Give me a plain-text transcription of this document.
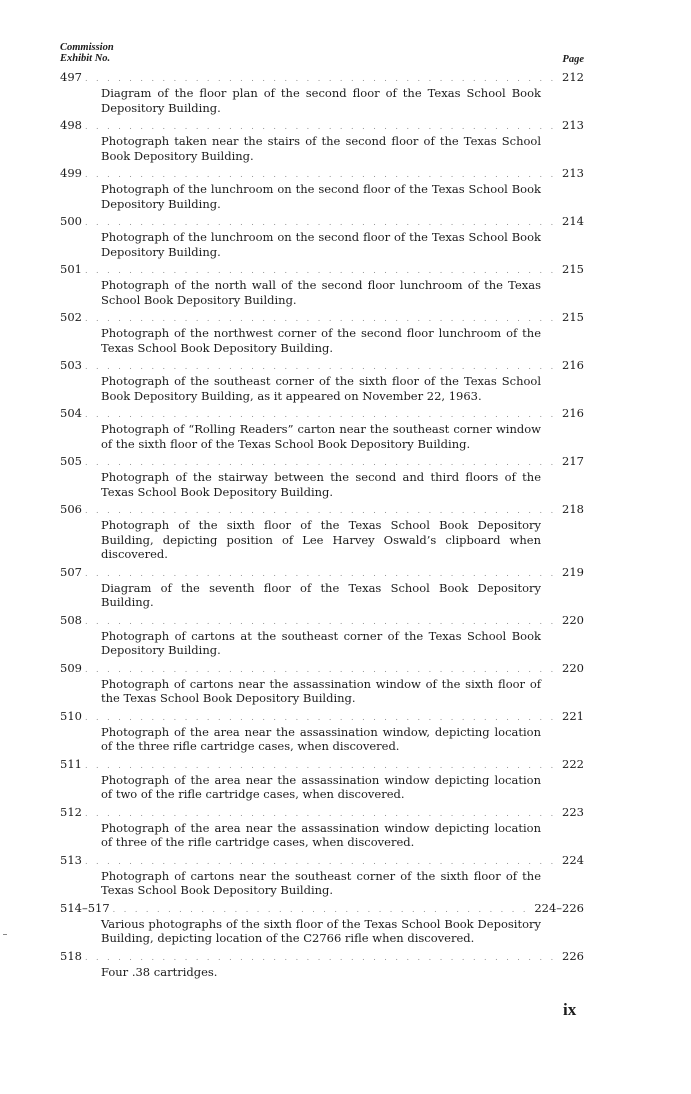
Commission
Exhibit No.	Page
497 . . .	212
Diagram of the floor plan of the second floor of the Texas School Book Depository Building.
498 . . .	213
Photograph taken near the stairs of the second floor of the Texas School Book Depository Building.
499 . . .	213
Photograph of the lunchroom on the second floor of the Texas School Book Depository Building.
500 . . .	214
Photograph of the lunchroom on the second floor of the Texas School Book Depository Building.
501 . . .	215
Photograph of the north wall of the second floor lunchroom of the Texas School Book Depository Building.
502 . . .	215
Photograph of the northwest corner of the second floor lunchroom of the Texas School Book Depository Building.
503 . . .	216
Photograph of the southeast corner of the sixth floor of the Texas School Book Depository Building, as it appeared on November 22, 1963.
504 . . .	216
Photograph of “Rolling Readers” carton near the southeast corner window of the sixth floor of the Texas School Book Depository Building.
505 . . .	217
Photograph of the stairway between the second and third floors of the Texas School Book Depository Building.
506 . . .	218
Photograph of the sixth floor of the Texas School Book Depository Building, depicting position of Lee Harvey Oswald’s clipboard when discovered.
507 . . .	219
Diagram of the seventh floor of the Texas School Book Depository Building.
508 . . .	220
Photograph of cartons at the southeast corner of the Texas School Book Depository Building.
509 . . .	220
Photograph of cartons near the assassination window of the sixth floor of the Texas School Book Depository Building.
510 . . .	221
Photograph of the area near the assassination window, depicting location of the three rifle cartridge cases, when discovered.
511 . . .	222
Photograph of the area near the assassination window depicting location of two of the rifle cartridge cases, when discovered.
512 . . .	223
Photograph of the area near the assassination window depicting location of three of the rifle cartridge cases, when discovered.
513 . . .	224
Photograph of cartons near the southeast corner of the sixth floor of the Texas School Book Depository Building.
514–517 . . .	224–226
Various photographs of the sixth floor of the Texas School Book Depository Building, depicting location of the C2766 rifle when discovered.
518 . . .	226
Four .38 cartridges.
ix
